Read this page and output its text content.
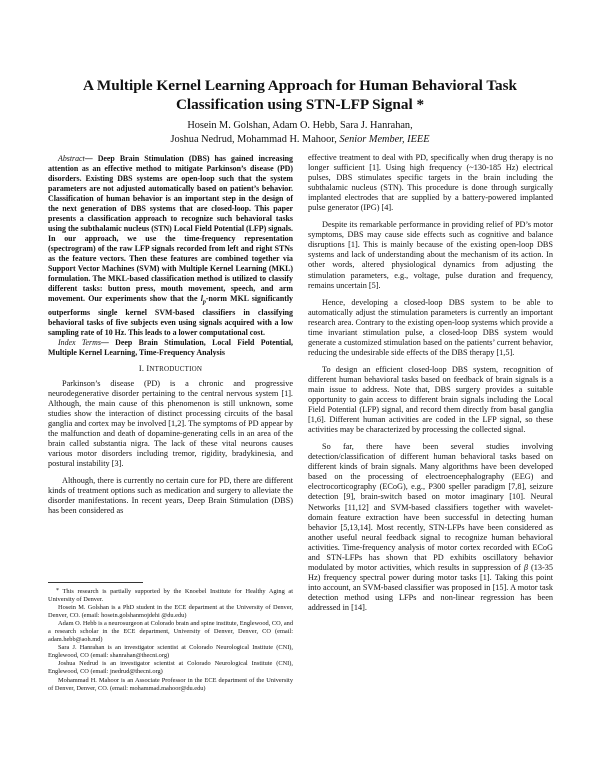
A Multiple Kernel Learning Approach for Human Behavioral Task
Classification using STN-LFP Signal *
Hosein M. Golshan, Adam O. Hebb, Sara J. Hanrahan,
Joshua Nedrud, Mohammad H. Mahoor, Senior Member, IEEE

Abstract— Deep Brain Stimulation (DBS) has gained increasing attention as an effective method to mitigate Parkinson’s disease (PD) disorders. Existing DBS systems are open-loop such that the system parameters are not adjusted automatically based on patient’s behavior. Classification of human behavior is an important step in the design of the next generation of DBS systems that are closed-loop. This paper presents a classification approach to recognize such behavioral tasks using the subthalamic nucleus (STN) Local Field Potential (LFP) signals. In our approach, we use the time-frequency representation (spectrogram) of the raw LFP signals recorded from left and right STNs as the feature vectors. Then these features are combined together via Support Vector Machines (SVM) with Multiple Kernel Learning (MKL) formulation. The MKL-based classification method is utilized to classify different tasks: button press, mouth movement, speech, and arm movement. Our experiments show that the $l_p$-norm MKL significantly outperforms single kernel SVM-based classifiers in classifying behavioral tasks of five subjects even using signals acquired with a low sampling rate of 10 Hz. This leads to a lower computational cost.

Index Terms— Deep Brain Stimulation, Local Field Potential, Multiple Kernel Learning, Time-Frequency Analysis

I. INTRODUCTION

Parkinson’s disease (PD) is a chronic and progressive neurodegenerative disorder pertaining to the central nervous system [1]. Although, the main cause of this phenomenon is still unknown, some studies show the interaction of distinct processing circuits of the basal ganglia and cortex may be involved [1,2]. The symptoms of PD appear by the malfunction and death of dopamine-generating cells in an area of the brain called substantia nigra. The lack of these vital neurons causes various motor disorders including tremor, rigidity, bradykinesia, and postural instability [3].

Although, there is currently no certain cure for PD, there are different kinds of treatment options such as medication and surgery to alleviate the disorder manifestations. In recent years, Deep Brain Stimulation (DBS) has been considered as

* This research is partially supported by the Knoebel Institute for Healthy Aging at University of Denver.

Hosein M. Golshan is a PhD student in the ECE department at the University of Denver, Denver, CO. (email: hosein.golshanmojdehi @du.edu)

Adam O. Hebb is a neurosurgeon at Colorado brain and spine institute, Englewood, CO, and a research scholar in the ECE department, University of Denver, Denver, CO (email: adam.hebb@aoh.md)

Sara J. Hanrahan is an investigator scientist at Colorado Neurological Institute (CNI), Englewood, CO (email: shanrahan@thecni.org)

Joshua Nedrud is an investigator scientist at Colorado Neurological Institute (CNI), Englewood, CO (email: jnedrud@thecni.org)

Mohammad H. Mahoor is an Associate Professor in the ECE department of the University of Denver, Denver, CO. (email: mohammad.mahoor@du.edu)

effective treatment to deal with PD, specifically when drug therapy is no longer sufficient [1]. Using high frequency (~130-185 Hz) electrical pulses, DBS stimulates specific targets in the brain including the subthalamic nucleus (STN). This procedure is done through surgically implanted electrodes that are supplied by a battery-powered implanted pulse generator (IPG) [4].

Despite its remarkable performance in providing relief of PD’s motor symptoms, DBS may cause side effects such as cognitive and balance disruptions [1]. This is mainly because of the existing open-loop DBS systems and lack of understanding about the mechanism of its action. In other words, altered physiological dynamics from adjusting the stimulation parameters, e.g., voltage, pulse duration and frequency, remains uncertain [5].

Hence, developing a closed-loop DBS system to be able to automatically adjust the stimulation parameters is currently an important research area. Contrary to the existing open-loop systems which provide a time invariant stimulation pulse, a closed-loop DBS system would generate a customized stimulation based on the patients’ current behavior, reducing the undesirable side effects of the DBS therapy [1,5].

To design an efficient closed-loop DBS system, recognition of different human behavioral tasks based on feedback of brain signals is a main issue to address. Note that, DBS surgery provides a suitable opportunity to gain access to different brain signals including the Local Field Potential (LFP) signal, and record them directly from basal ganglia [1,6]. Different human activities are coded in the LFP signal, so these activities may be characterized by processing the collected signal.

So far, there have been several studies involving detection/classification of different human behavioral tasks based on different kinds of brain signals. Many algorithms have been developed based on the processing of electroencephalography (EEG) and electrocorticography (ECoG), e.g., P300 speller paradigm [7,8], seizure detection [9], brain-switch based on motor imaginary [10]. Neural Networks [11,12] and SVM-based classifiers together with wavelet-domain feature extraction have been successful in detecting human behavior [5,13,14]. Most recently, STN-LFPs have been considered as another useful neural feedback signal to recognize human behavioral activities. Time-frequency analysis of motor cortex recorded with ECoG and STN-LFPs has shown that PD exhibits oscillatory behavior modulated by motor activities, which results in suppression of β (13-35 Hz) frequency spectral power during motor tasks [1]. Taking this point into account, an SVM-based classifier was proposed in [15]. A motor task detection method using LFPs and non-linear regression has been addressed in [14].
